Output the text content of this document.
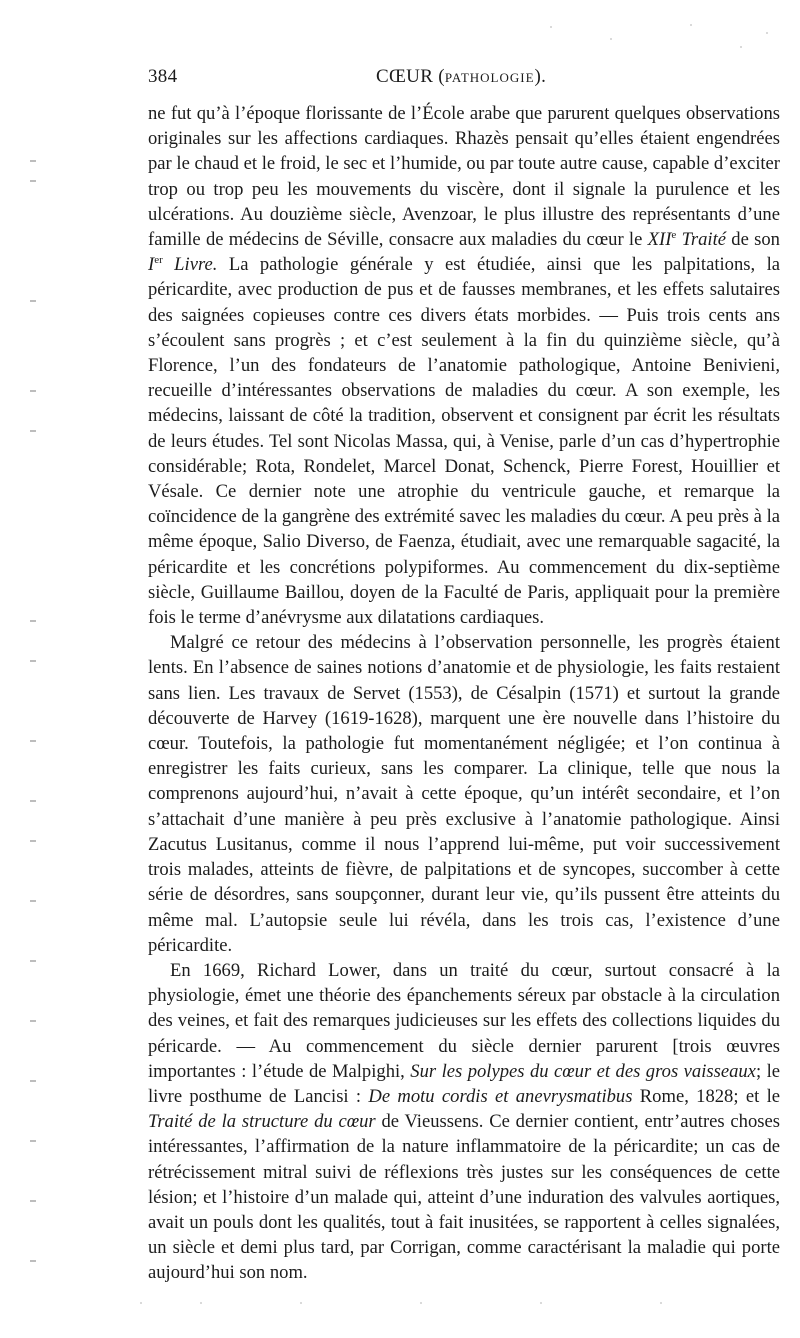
384	CŒUR (PATHOLOGIE).

ne fut qu’à l’époque florissante de l’École arabe que parurent quelques observations originales sur les affections cardiaques. Rhazès pensait qu’elles étaient engendrées par le chaud et le froid, le sec et l’humide, ou par toute autre cause, capable d’exciter trop ou trop peu les mouvements du viscère, dont il signale la purulence et les ulcérations. Au douzième siècle, Avenzoar, le plus illustre des représentants d’une famille de médecins de Séville, consacre aux maladies du cœur le XIIe Traité de son Ier Livre. La pathologie générale y est étudiée, ainsi que les palpitations, la péricardite, avec production de pus et de fausses membranes, et les effets salutaires des saignées copieuses contre ces divers états morbides. — Puis trois cents ans s’écoulent sans progrès ; et c’est seulement à la fin du quinzième siècle, qu’à Florence, l’un des fondateurs de l’anatomie pathologique, Antoine Benivieni, recueille d’intéressantes observations de maladies du cœur. A son exemple, les médecins, laissant de côté la tradition, observent et consignent par écrit les résultats de leurs études. Tel sont Nicolas Massa, qui, à Venise, parle d’un cas d’hypertrophie considérable; Rota, Rondelet, Marcel Donat, Schenck, Pierre Forest, Houillier et Vésale. Ce dernier note une atrophie du ventricule gauche, et remarque la coïncidence de la gangrène des extrémité savec les maladies du cœur. A peu près à la même époque, Salio Diverso, de Faenza, étudiait, avec une remarquable sagacité, la péricardite et les concrétions polypiformes. Au commencement du dix-septième siècle, Guillaume Baillou, doyen de la Faculté de Paris, appliquait pour la première fois le terme d’anévrysme aux dilatations cardiaques.

Malgré ce retour des médecins à l’observation personnelle, les progrès étaient lents. En l’absence de saines notions d’anatomie et de physiologie, les faits restaient sans lien. Les travaux de Servet (1553), de Césalpin (1571) et surtout la grande découverte de Harvey (1619-1628), marquent une ère nouvelle dans l’histoire du cœur. Toutefois, la pathologie fut momentanément négligée; et l’on continua à enregistrer les faits curieux, sans les comparer. La clinique, telle que nous la comprenons aujourd’hui, n’avait à cette époque, qu’un intérêt secondaire, et l’on s’attachait d’une manière à peu près exclusive à l’anatomie pathologique. Ainsi Zacutus Lusitanus, comme il nous l’apprend lui-même, put voir successivement trois malades, atteints de fièvre, de palpitations et de syncopes, succomber à cette série de désordres, sans soupçonner, durant leur vie, qu’ils pussent être atteints du même mal. L’autopsie seule lui révéla, dans les trois cas, l’existence d’une péricardite.

En 1669, Richard Lower, dans un traité du cœur, surtout consacré à la physiologie, émet une théorie des épanchements séreux par obstacle à la circulation des veines, et fait des remarques judicieuses sur les effets des collections liquides du péricarde. — Au commencement du siècle dernier parurent [trois œuvres importantes : l’étude de Malpighi, Sur les polypes du cœur et des gros vaisseaux; le livre posthume de Lancisi : De motu cordis et anevrysmatibus Rome, 1828; et le Traité de la structure du cœur de Vieussens. Ce dernier contient, entr’autres choses intéressantes, l’affirmation de la nature inflammatoire de la péricardite; un cas de rétrécissement mitral suivi de réflexions très justes sur les conséquences de cette lésion; et l’histoire d’un malade qui, atteint d’une induration des valvules aortiques, avait un pouls dont les qualités, tout à fait inusitées, se rapportent à celles signalées, un siècle et demi plus tard, par Corrigan, comme caractérisant la maladie qui porte aujourd’hui son nom.
